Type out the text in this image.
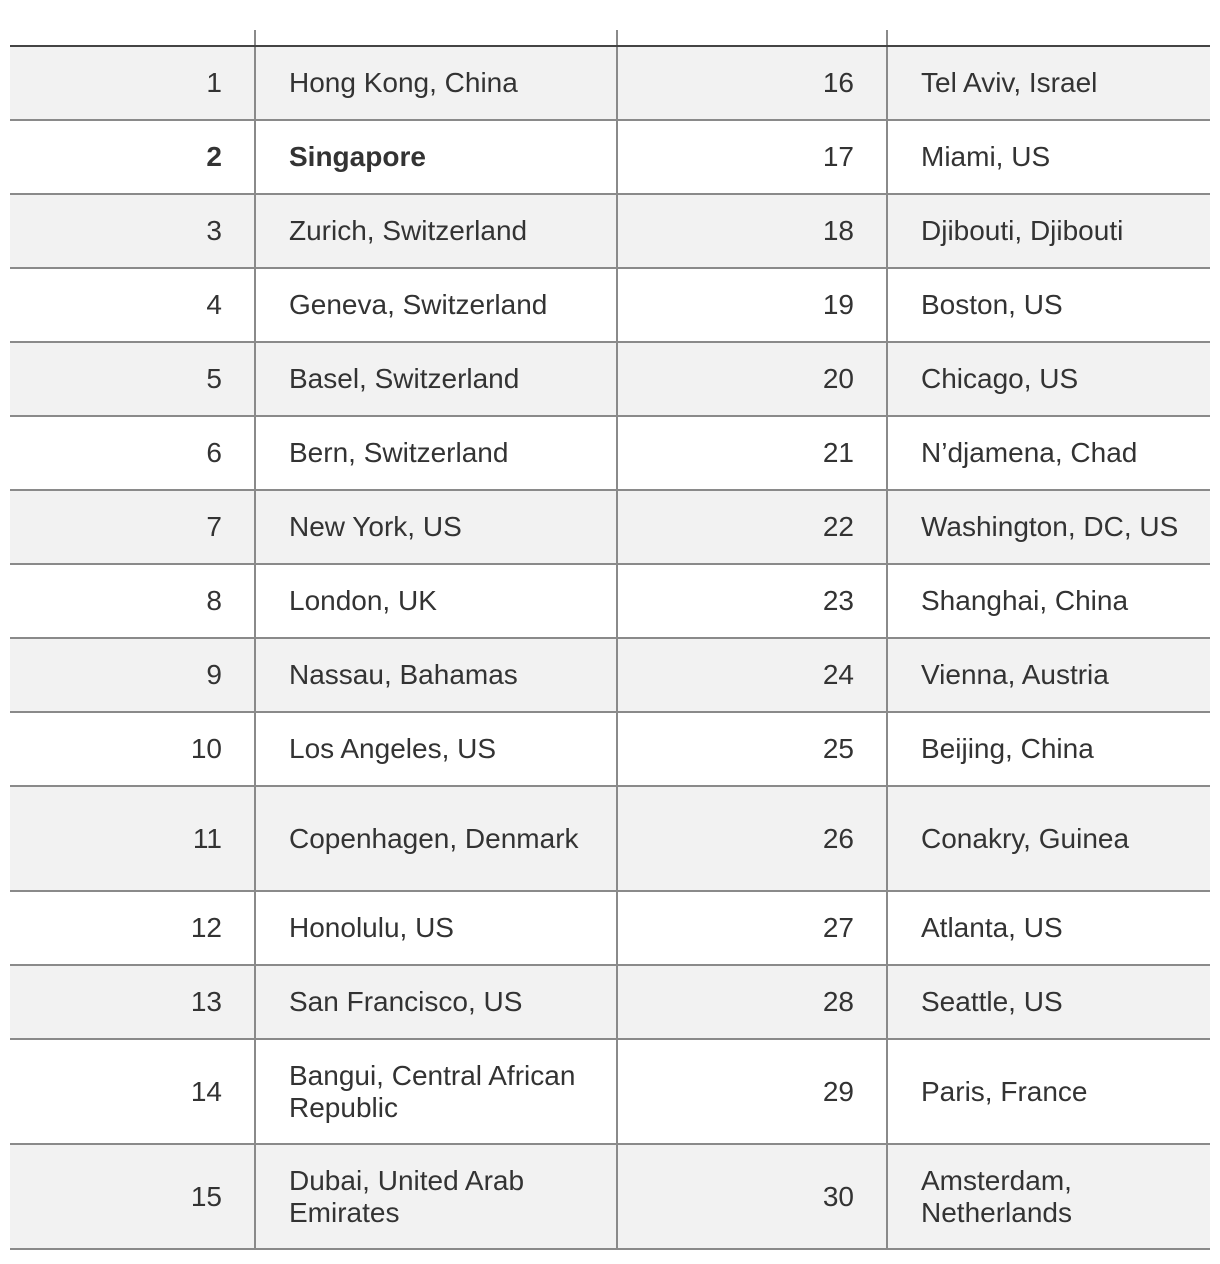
1	Hong Kong, China	16	Tel Aviv, Israel
2	Singapore	17	Miami, US
3	Zurich, Switzerland	18	Djibouti, Djibouti
4	Geneva, Switzerland	19	Boston, US
5	Basel, Switzerland	20	Chicago, US
6	Bern, Switzerland	21	N’djamena, Chad
7	New York, US	22	Washington, DC, US
8	London, UK	23	Shanghai, China
9	Nassau, Bahamas	24	Vienna, Austria
10	Los Angeles, US	25	Beijing, China
11	Copenhagen, Denmark	26	Conakry, Guinea
12	Honolulu, US	27	Atlanta, US
13	San Francisco, US	28	Seattle, US
14	Bangui, Central African Republic	29	Paris, France
15	Dubai, United Arab Emirates	30	Amsterdam, Netherlands
